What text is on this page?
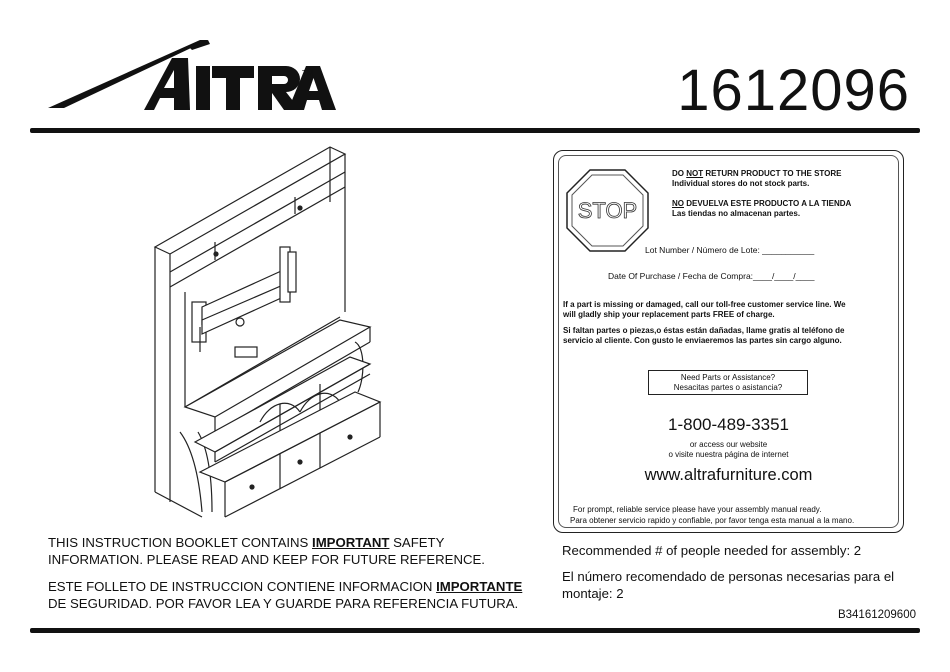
TM	1612096
THIS INSTRUCTION BOOKLET CONTAINS IMPORTANT SAFETY
INFORMATION. PLEASE READ AND KEEP FOR FUTURE REFERENCE.
ESTE FOLLETO DE INSTRUCCION CONTIENE INFORMACION IMPORTANTE
DE SEGURIDAD. POR FAVOR LEA Y GUARDE PARA REFERENCIA FUTURA.
STOP
DO NOT RETURN PRODUCT TO THE STORE
Individual stores do not stock parts.
NO DEVUELVA ESTE PRODUCTO A LA TIENDA
Las tiendas no almacenan partes.
Lot Number / Número de Lote: ___________
Date Of Purchase / Fecha de Compra:____/____/____
If a part is missing or damaged, call our toll-free customer service line. We
will gladly ship your replacement parts FREE of charge.
Si faltan partes o piezas,o éstas están dañadas, llame gratis al teléfono de
servicio al cliente. Con gusto le enviaeremos las partes sin cargo alguno.
Need Parts or Assistance?
Nesacitas partes o asistancia?
1-800-489-3351
or access our website
o visite nuestra página de internet
www.altrafurniture.com
For prompt, reliable service please have your assembly manual ready.
Para obtener servicio rapido y confiable, por favor tenga esta manual a la mano.
Recommended # of people needed for assembly: 2
El número recomendado de personas necesarias para el
montaje: 2
B34161209600
